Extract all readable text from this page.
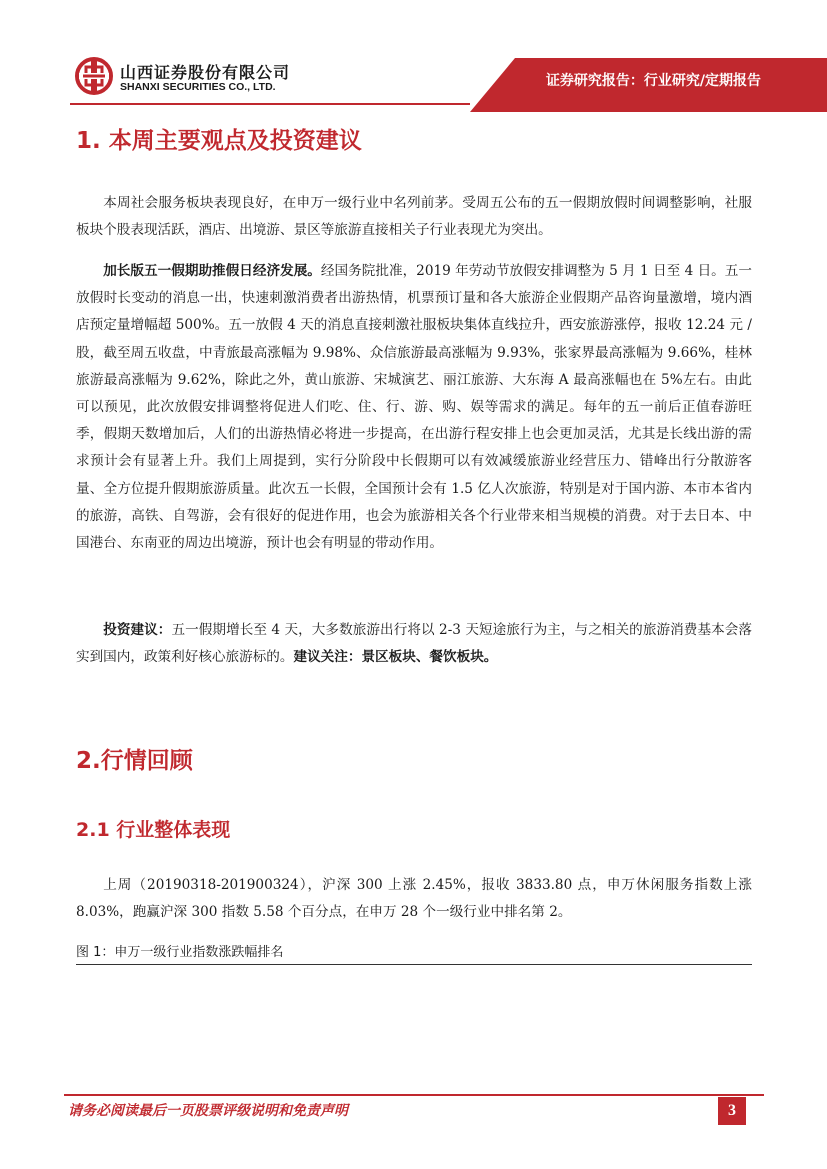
山西证券股份有限公司
SHANXI SECURITIES CO., LTD.	证券研究报告：行业研究/定期报告
1. 本周主要观点及投资建议
本周社会服务板块表现良好，在申万一级行业中名列前茅。受周五公布的五一假期放假时间调整影响，社服板块个股表现活跃，酒店、出境游、景区等旅游直接相关子行业表现尤为突出。
加长版五一假期助推假日经济发展。经国务院批准，2019 年劳动节放假安排调整为 5 月 1 日至 4 日。五一放假时长变动的消息一出，快速刺激消费者出游热情，机票预订量和各大旅游企业假期产品咨询量激增，境内酒店预定量增幅超 500%。五一放假 4 天的消息直接刺激社服板块集体直线拉升，西安旅游涨停，报收 12.24 元 / 股，截至周五收盘，中青旅最高涨幅为 9.98%、众信旅游最高涨幅为 9.93%，张家界最高涨幅为 9.66%，桂林旅游最高涨幅为 9.62%，除此之外，黄山旅游、宋城演艺、丽江旅游、大东海 A 最高涨幅也在 5%左右。由此可以预见，此次放假安排调整将促进人们吃、住、行、游、购、娱等需求的满足。每年的五一前后正值春游旺季，假期天数增加后，人们的出游热情必将进一步提高，在出游行程安排上也会更加灵活，尤其是长线出游的需求预计会有显著上升。我们上周提到，实行分阶段中长假期可以有效减缓旅游业经营压力、错峰出行分散游客量、全方位提升假期旅游质量。此次五一长假，全国预计会有 1.5 亿人次旅游，特别是对于国内游、本市本省内的旅游，高铁、自驾游，会有很好的促进作用，也会为旅游相关各个行业带来相当规模的消费。对于去日本、中国港台、东南亚的周边出境游，预计也会有明显的带动作用。
投资建议：五一假期增长至 4 天，大多数旅游出行将以 2-3 天短途旅行为主，与之相关的旅游消费基本会落实到国内，政策利好核心旅游标的。建议关注：景区板块、餐饮板块。
2.行情回顾
2.1 行业整体表现
上周（20190318-201900324），沪深 300 上涨 2.45%，报收 3833.80 点，申万休闲服务指数上涨 8.03%，跑赢沪深 300 指数 5.58 个百分点，在申万 28 个一级行业中排名第 2。
图 1：申万一级行业指数涨跌幅排名
请务必阅读最后一页股票评级说明和免责声明	3
